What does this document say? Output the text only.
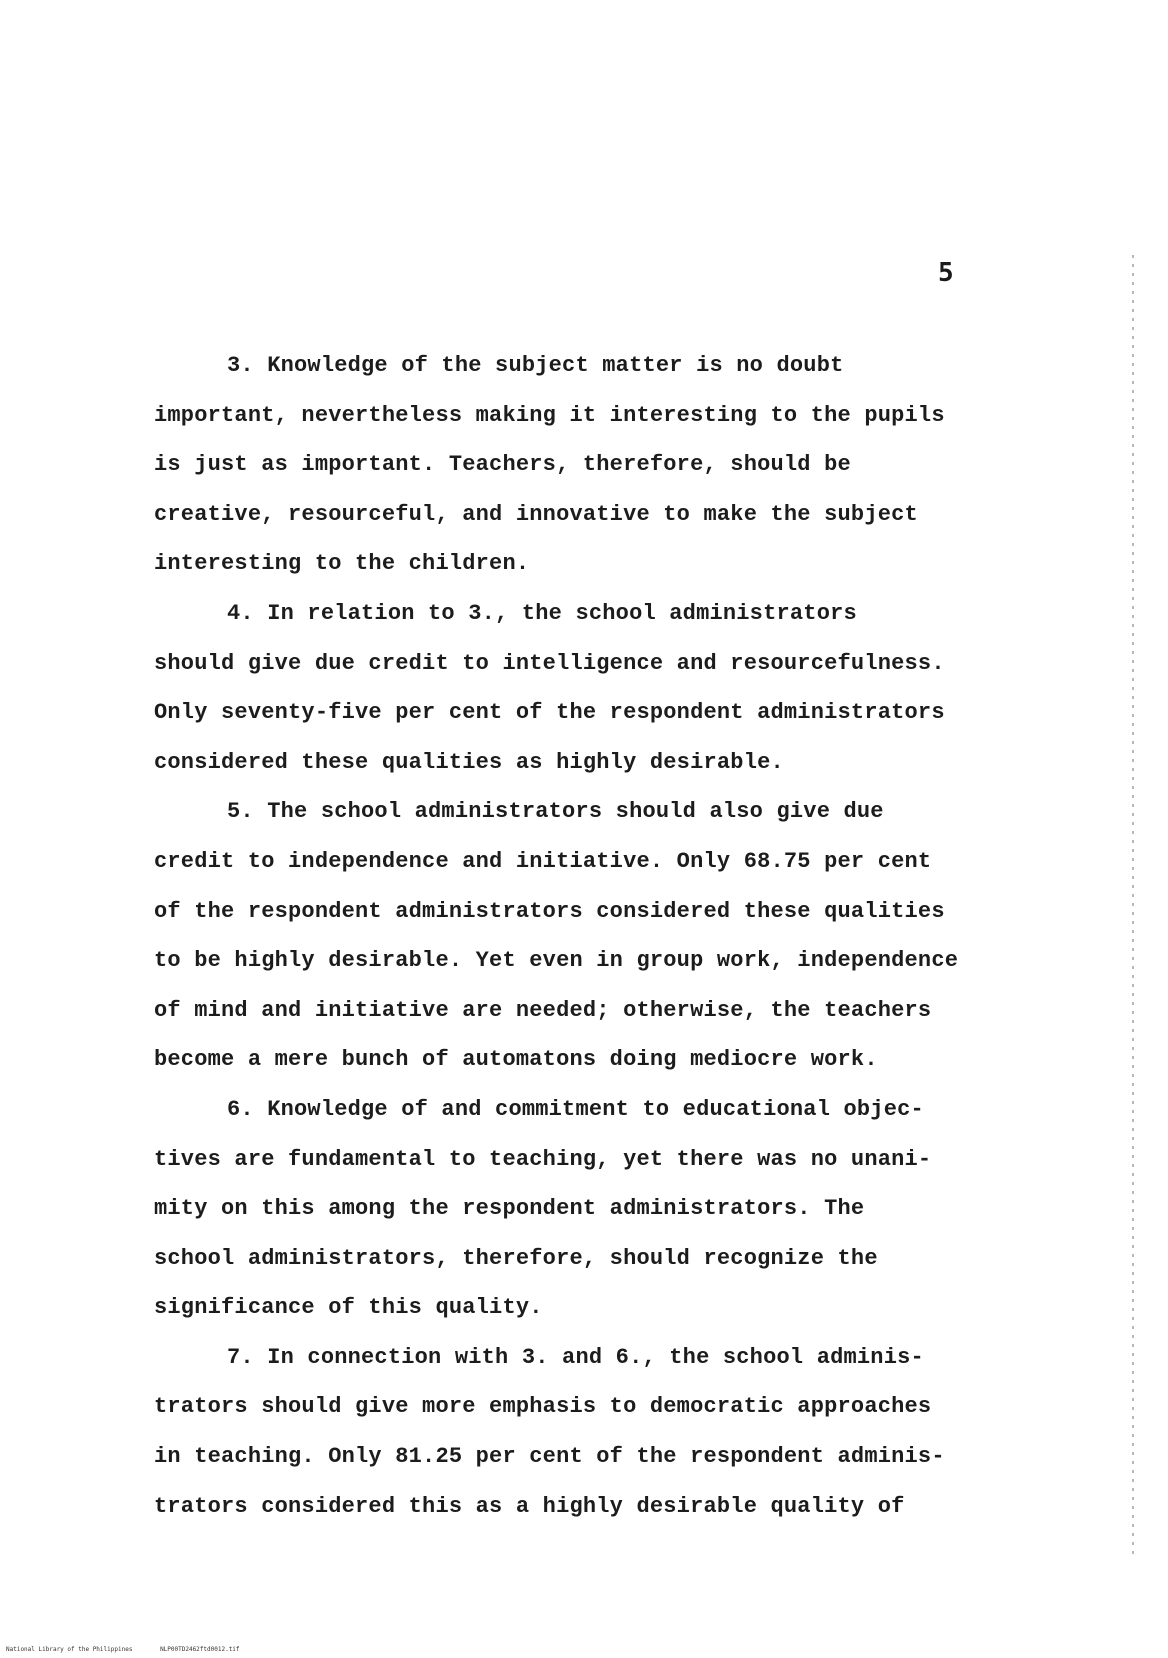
5
3. Knowledge of the subject matter is no doubt
important, nevertheless making it interesting to the pupils
is just as important. Teachers, therefore, should be
creative, resourceful, and innovative to make the subject
interesting to the children.
4. In relation to 3., the school administrators
should give due credit to intelligence and resourcefulness.
Only seventy-five per cent of the respondent administrators
considered these qualities as highly desirable.
5. The school administrators should also give due
credit to independence and initiative. Only 68.75 per cent
of the respondent administrators considered these qualities
to be highly desirable. Yet even in group work, independence
of mind and initiative are needed; otherwise, the teachers
become a mere bunch of automatons doing mediocre work.
6. Knowledge of and commitment to educational objec-
tives are fundamental to teaching, yet there was no unani-
mity on this among the respondent administrators. The
school administrators, therefore, should recognize the
significance of this quality.
7. In connection with 3. and 6., the school adminis-
trators should give more emphasis to democratic approaches
in teaching. Only 81.25 per cent of the respondent adminis-
trators considered this as a highly desirable quality of
National Library of the Philippines	NLP00TD2462ftd0012.tif
